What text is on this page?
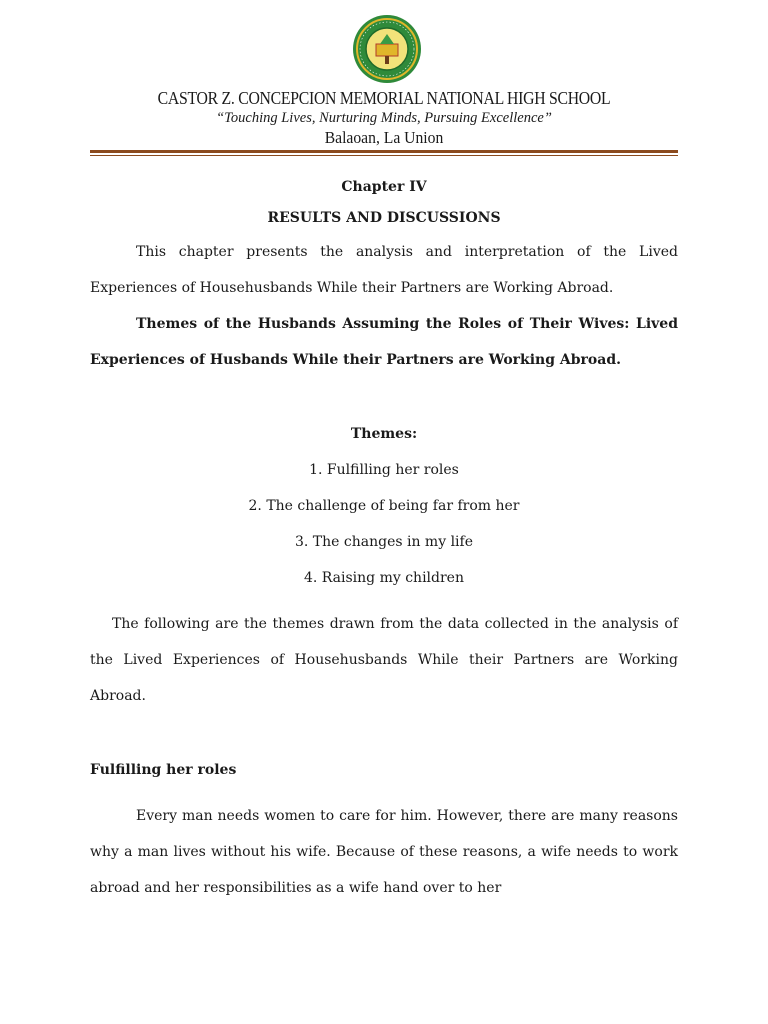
CASTOR Z. CONCEPCION MEMORIAL NATIONAL HIGH SCHOOL
“Touching Lives, Nurturing Minds, Pursuing Excellence”
Balaoan, La Union

Chapter IV

RESULTS AND DISCUSSIONS

This chapter presents the analysis and interpretation of the Lived Experiences of Househusbands While their Partners are Working Abroad.

Themes of the Husbands Assuming the Roles of Their Wives: Lived Experiences of Husbands While their Partners are Working Abroad.

Themes:

1. Fulfilling her roles

2. The challenge of being far from her

3. The changes in my life

4. Raising my children

The following are the themes drawn from the data collected in the analysis of the Lived Experiences of Househusbands While their Partners are Working Abroad.

Fulfilling her roles

Every man needs women to care for him. However, there are many reasons why a man lives without his wife. Because of these reasons, a wife needs to work abroad and her responsibilities as a wife hand over to her
